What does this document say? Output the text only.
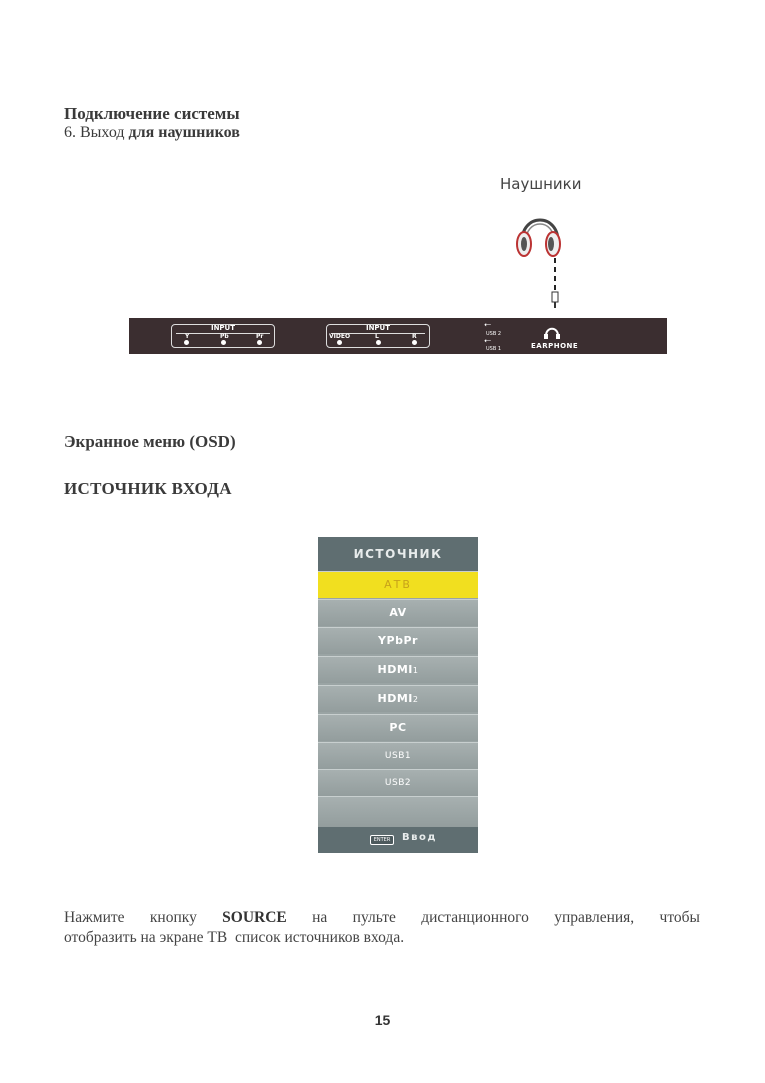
Подключение системы
6. Выход для наушников
Наушники
INPUT
Y	Pb	Pr
INPUT
VIDEO	L	R
⭠
USB 2
⭠
USB 1	EARPHONE
Экранное меню (OSD)
ИСТОЧНИК ВХОДА
ИСТОЧНИК
АТВ
AV
YPbPr
HDMI1
HDMI2
PC
USB1
USB2
ENTER	Ввод
Нажмите кнопку SOURCE на пульте дистанционного управления, чтобы
отобразить на экране ТВ  список источников входа.
15
